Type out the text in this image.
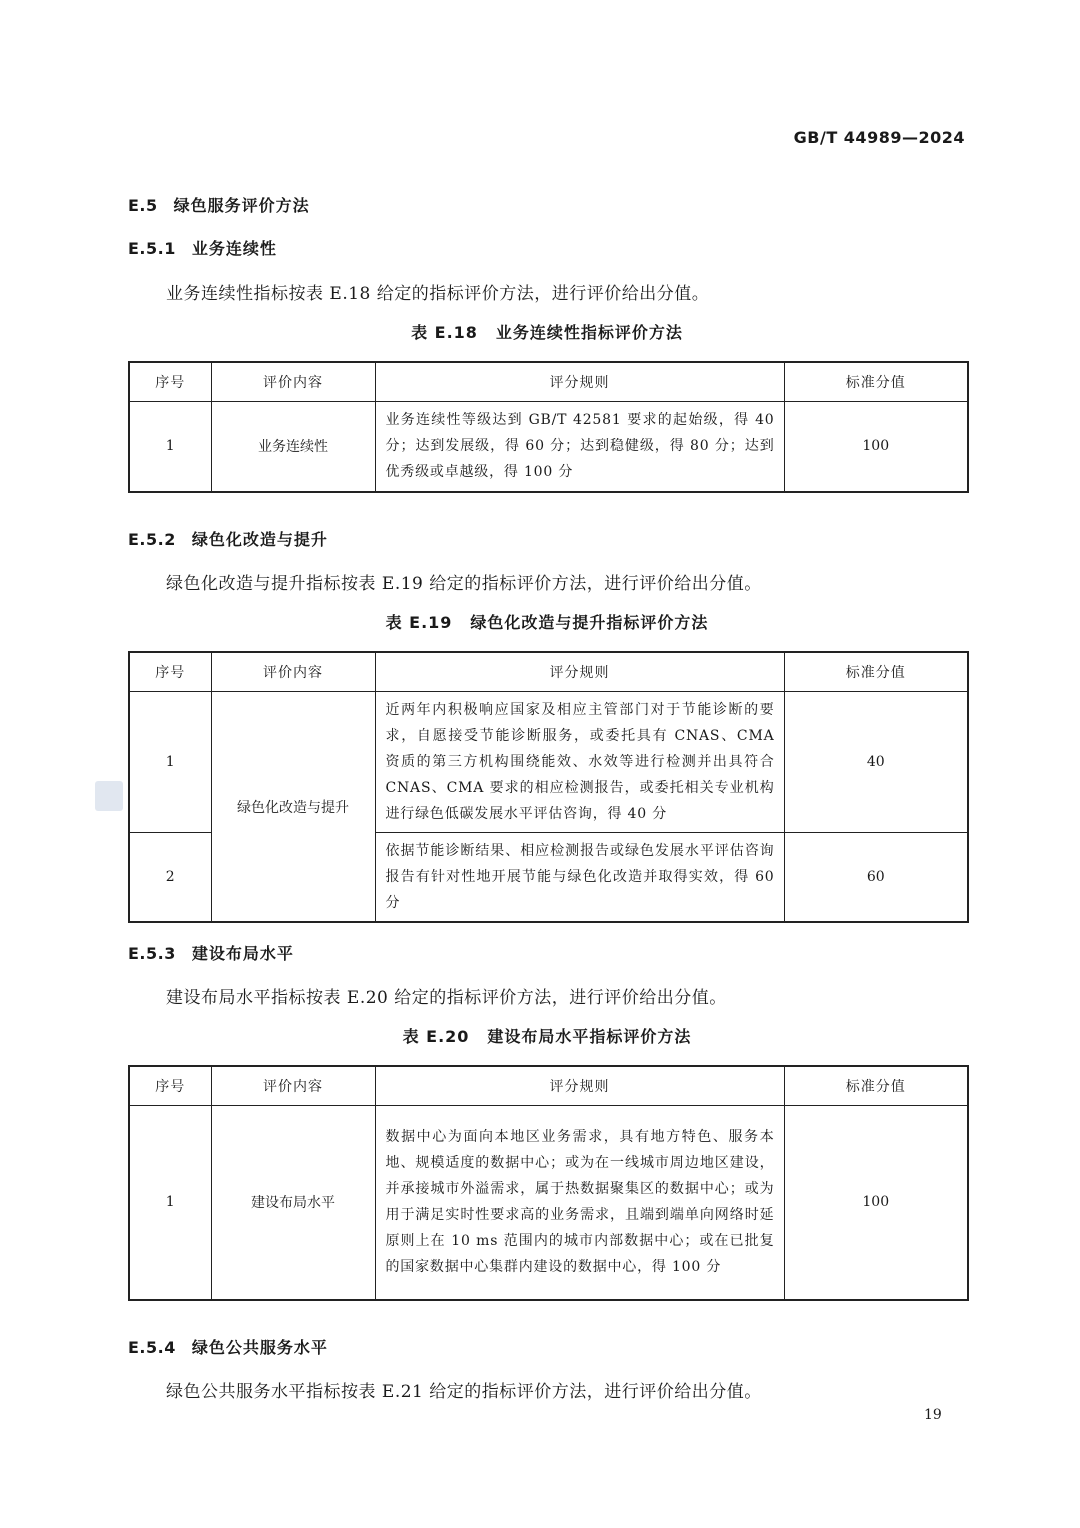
GB/T 44989—2024
E.5 绿色服务评价方法
E.5.1 业务连续性
业务连续性指标按表 E.18 给定的指标评价方法，进行评价给出分值。
表 E.18 业务连续性指标评价方法
序号	评价内容	评分规则	标准分值
1	业务连续性	业务连续性等级达到 GB/T 42581 要求的起始级，得 40 分；达到发展级，得 60 分；达到稳健级，得 80 分；达到优秀级或卓越级，得 100 分	100
E.5.2 绿色化改造与提升
绿色化改造与提升指标按表 E.19 给定的指标评价方法，进行评价给出分值。
表 E.19 绿色化改造与提升指标评价方法
序号	评价内容	评分规则	标准分值
1	绿色化改造与提升	近两年内积极响应国家及相应主管部门对于节能诊断的要求，自愿接受节能诊断服务，或委托具有 CNAS、CMA 资质的第三方机构围绕能效、水效等进行检测并出具符合 CNAS、CMA 要求的相应检测报告，或委托相关专业机构进行绿色低碳发展水平评估咨询，得 40 分	40
2		依据节能诊断结果、相应检测报告或绿色发展水平评估咨询报告有针对性地开展节能与绿色化改造并取得实效，得 60 分	60
E.5.3 建设布局水平
建设布局水平指标按表 E.20 给定的指标评价方法，进行评价给出分值。
表 E.20 建设布局水平指标评价方法
序号	评价内容	评分规则	标准分值
1	建设布局水平	数据中心为面向本地区业务需求，具有地方特色、服务本地、规模适度的数据中心；或为在一线城市周边地区建设，并承接城市外溢需求，属于热数据聚集区的数据中心；或为用于满足实时性要求高的业务需求，且端到端单向网络时延原则上在 10 ms 范围内的城市内部数据中心；或在已批复的国家数据中心集群内建设的数据中心，得 100 分	100
E.5.4 绿色公共服务水平
绿色公共服务水平指标按表 E.21 给定的指标评价方法，进行评价给出分值。
19
